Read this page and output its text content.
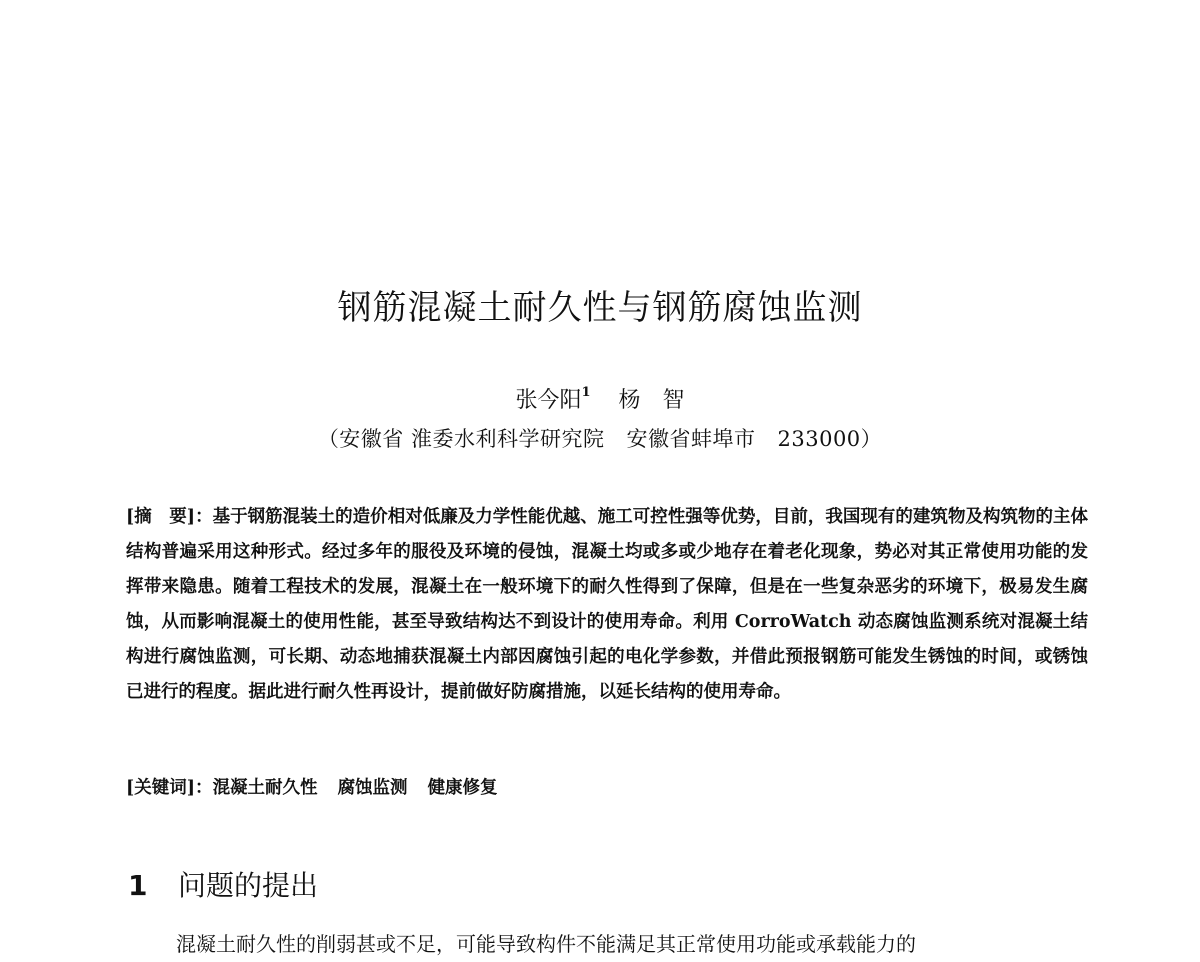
钢筋混凝土耐久性与钢筋腐蚀监测
张今阳$^1$ 杨　智
（安徽省 淮委水利科学研究院 安徽省蚌埠市 233000）
[摘　要]：基于钢筋混装土的造价相对低廉及力学性能优越、施工可控性强等优势，目前，我国现有的建筑物及构筑物的主体结构普遍采用这种形式。经过多年的服役及环境的侵蚀，混凝土均或多或少地存在着老化现象，势必对其正常使用功能的发挥带来隐患。随着工程技术的发展，混凝土在一般环境下的耐久性得到了保障，但是在一些复杂恶劣的环境下，极易发生腐蚀，从而影响混凝土的使用性能，甚至导致结构达不到设计的使用寿命。利用 CorroWatch 动态腐蚀监测系统对混凝土结构进行腐蚀监测，可长期、动态地捕获混凝土内部因腐蚀引起的电化学参数，并借此预报钢筋可能发生锈蚀的时间，或锈蚀已进行的程度。据此进行耐久性再设计，提前做好防腐措施，以延长结构的使用寿命。
[关键词]：混凝土耐久性 腐蚀监测 健康修复
1 问题的提出
混凝土耐久性的削弱甚或不足，可能导致构件不能满足其正常使用功能或承载能力的
